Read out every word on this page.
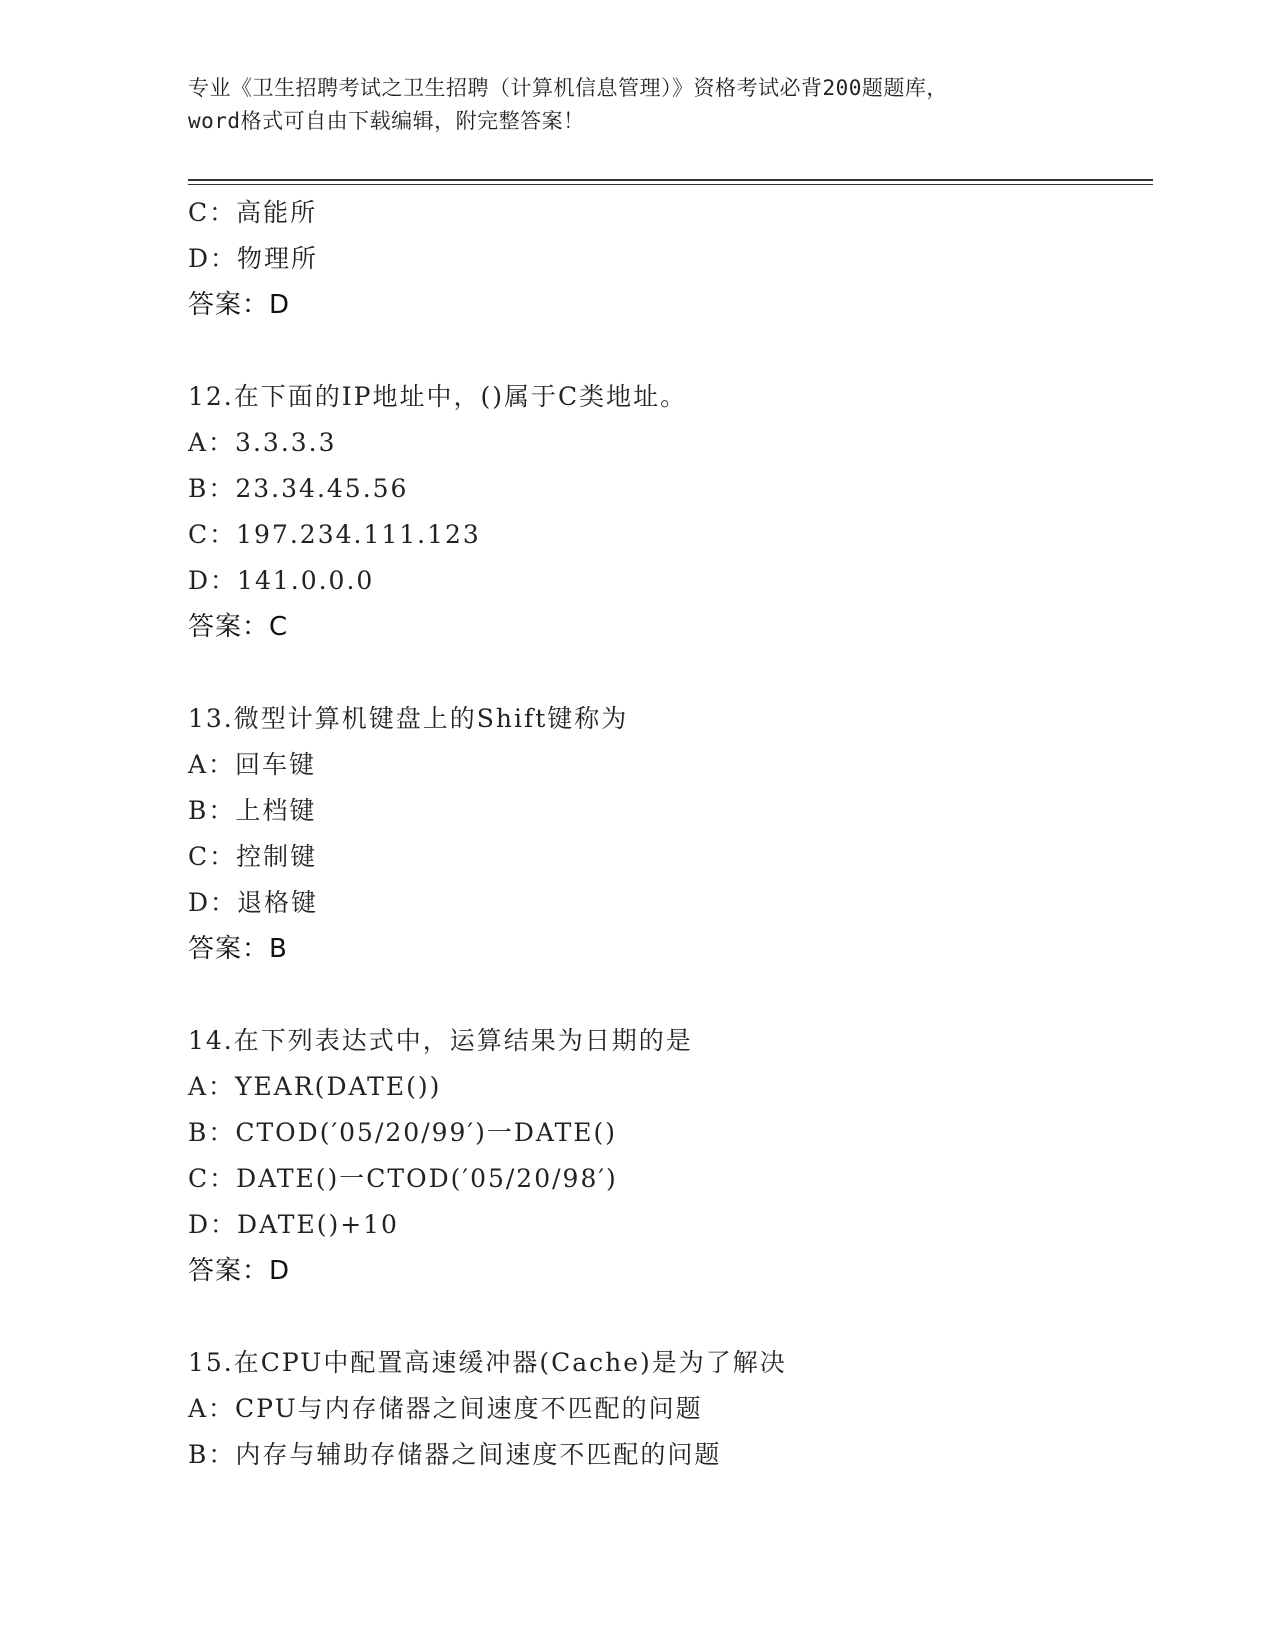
专业《卫生招聘考试之卫生招聘（计算机信息管理）》资格考试必背200题题库，
word格式可自由下载编辑，附完整答案！
C：高能所
D：物理所
答案：D
12.在下面的IP地址中，()属于C类地址。
A：3.3.3.3
B：23.34.45.56
C：197.234.111.123
D：141.0.0.0
答案：C
13.微型计算机键盘上的Shift键称为
A：回车键
B：上档键
C：控制键
D：退格键
答案：B
14.在下列表达式中，运算结果为日期的是
A：YEAR(DATE())
B：CTOD(′05/20/99′)一DATE()
C：DATE()一CTOD(′05/20/98′)
D：DATE()+10
答案：D
15.在CPU中配置高速缓冲器(Cache)是为了解决
A：CPU与内存储器之间速度不匹配的问题
B：内存与辅助存储器之间速度不匹配的问题
